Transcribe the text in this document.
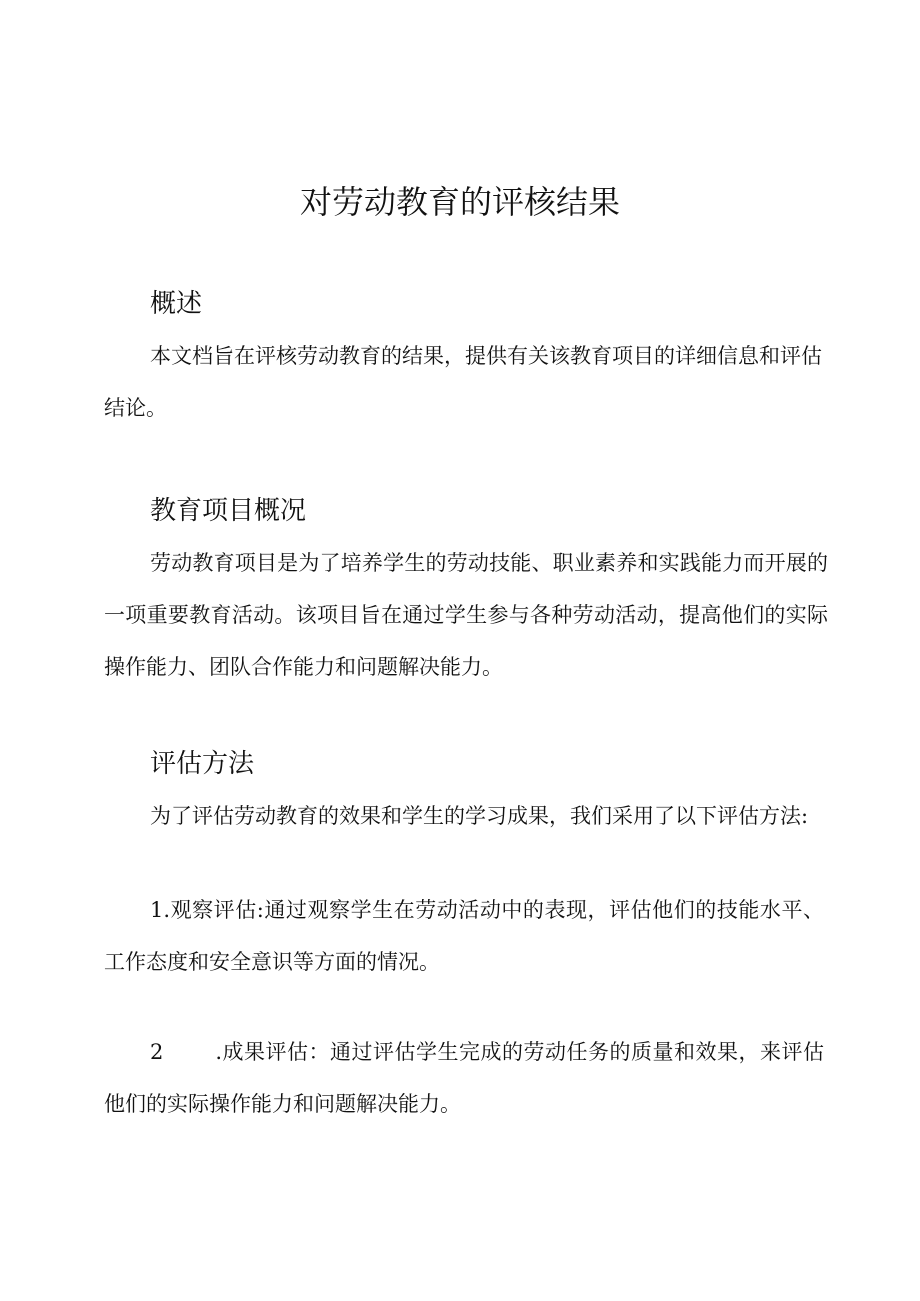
对劳动教育的评核结果
概述

本文档旨在评核劳动教育的结果，提供有关该教育项目的详细信息和评估结论。

教育项目概况

劳动教育项目是为了培养学生的劳动技能、职业素养和实践能力而开展的一项重要教育活动。该项目旨在通过学生参与各种劳动活动，提高他们的实际操作能力、团队合作能力和问题解决能力。

评估方法

为了评估劳动教育的效果和学生的学习成果，我们采用了以下评估方法:

1.观察评估:通过观察学生在劳动活动中的表现，评估他们的技能水平、工作态度和安全意识等方面的情况。

2 .成果评估：通过评估学生完成的劳动任务的质量和效果，来评估他们的实际操作能力和问题解决能力。
